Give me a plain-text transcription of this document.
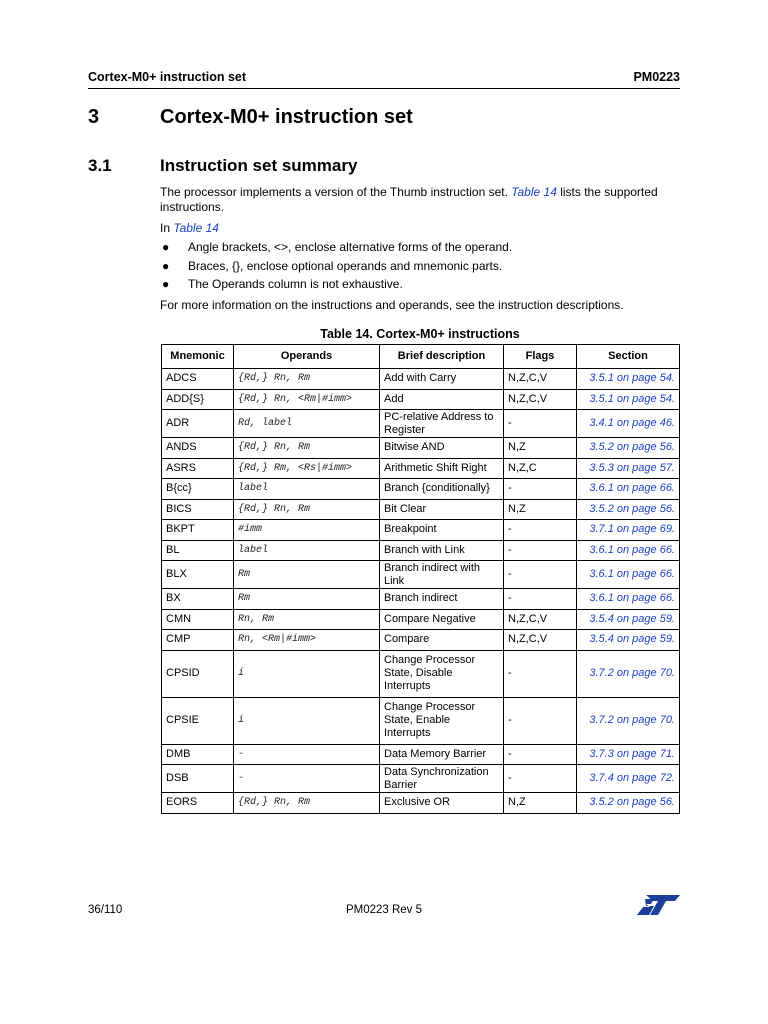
Cortex-M0+ instruction set	PM0223
3	Cortex-M0+ instruction set
3.1	Instruction set summary
The processor implements a version of the Thumb instruction set. Table 14 lists the supported instructions.
In Table 14
● Angle brackets, <>, enclose alternative forms of the operand.
● Braces, {}, enclose optional operands and mnemonic parts.
● The Operands column is not exhaustive.
For more information on the instructions and operands, see the instruction descriptions.
Table 14. Cortex-M0+ instructions
Mnemonic	Operands	Brief description	Flags	Section
ADCS	{Rd,} Rn, Rm	Add with Carry	N,Z,C,V	3.5.1 on page 54.
ADD{S}	{Rd,} Rn, <Rm|#imm>	Add	N,Z,C,V	3.5.1 on page 54.
ADR	Rd, label	PC-relative Address to Register	-	3.4.1 on page 46.
ANDS	{Rd,} Rn, Rm	Bitwise AND	N,Z	3.5.2 on page 56.
ASRS	{Rd,} Rm, <Rs|#imm>	Arithmetic Shift Right	N,Z,C	3.5.3 on page 57.
B{cc}	label	Branch {conditionally}	-	3.6.1 on page 66.
BICS	{Rd,} Rn, Rm	Bit Clear	N,Z	3.5.2 on page 56.
BKPT	#imm	Breakpoint	-	3.7.1 on page 69.
BL	label	Branch with Link	-	3.6.1 on page 66.
BLX	Rm	Branch indirect with Link	-	3.6.1 on page 66.
BX	Rm	Branch indirect	-	3.6.1 on page 66.
CMN	Rn, Rm	Compare Negative	N,Z,C,V	3.5.4 on page 59.
CMP	Rn, <Rm|#imm>	Compare	N,Z,C,V	3.5.4 on page 59.
CPSID	i	Change Processor State, Disable Interrupts	-	3.7.2 on page 70.
CPSIE	i	Change Processor State, Enable Interrupts	-	3.7.2 on page 70.
DMB	-	Data Memory Barrier	-	3.7.3 on page 71.
DSB	-	Data Synchronization Barrier	-	3.7.4 on page 72.
EORS	{Rd,} Rn, Rm	Exclusive OR	N,Z	3.5.2 on page 56.
36/110	PM0223 Rev 5
